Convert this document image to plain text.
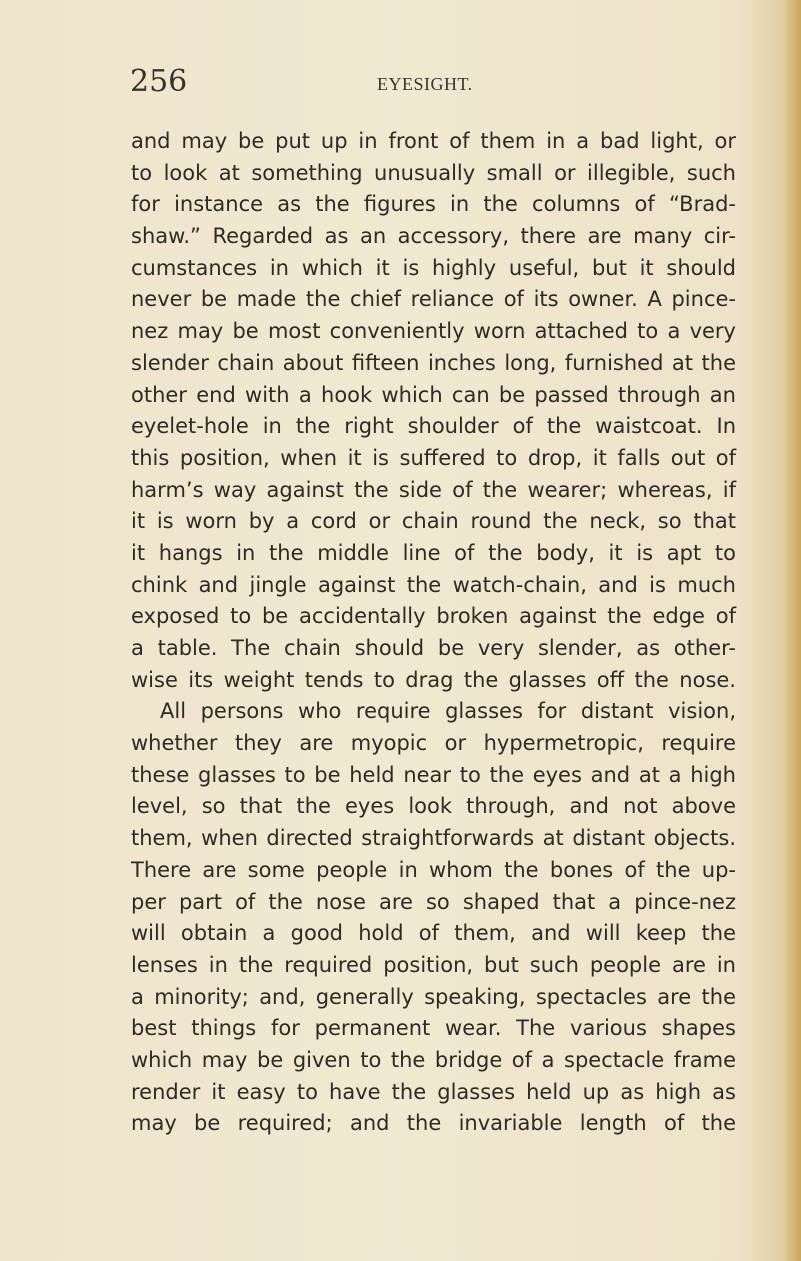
256	EYESIGHT.
and may be put up in front of them in a bad light, or
to look at something unusually small or illegible, such
for instance as the figures in the columns of “Brad-
shaw.” Regarded as an accessory, there are many cir-
cumstances in which it is highly useful, but it should
never be made the chief reliance of its owner. A pince-
nez may be most conveniently worn attached to a very
slender chain about fifteen inches long, furnished at the
other end with a hook which can be passed through an
eyelet-hole in the right shoulder of the waistcoat. In
this position, when it is suffered to drop, it falls out of
harm’s way against the side of the wearer; whereas, if
it is worn by a cord or chain round the neck, so that
it hangs in the middle line of the body, it is apt to
chink and jingle against the watch-chain, and is much
exposed to be accidentally broken against the edge of
a table. The chain should be very slender, as other-
wise its weight tends to drag the glasses off the nose.
All persons who require glasses for distant vision,
whether they are myopic or hypermetropic, require
these glasses to be held near to the eyes and at a high
level, so that the eyes look through, and not above
them, when directed straightforwards at distant objects.
There are some people in whom the bones of the up-
per part of the nose are so shaped that a pince-nez
will obtain a good hold of them, and will keep the
lenses in the required position, but such people are in
a minority; and, generally speaking, spectacles are the
best things for permanent wear. The various shapes
which may be given to the bridge of a spectacle frame
render it easy to have the glasses held up as high as
may be required; and the invariable length of the
